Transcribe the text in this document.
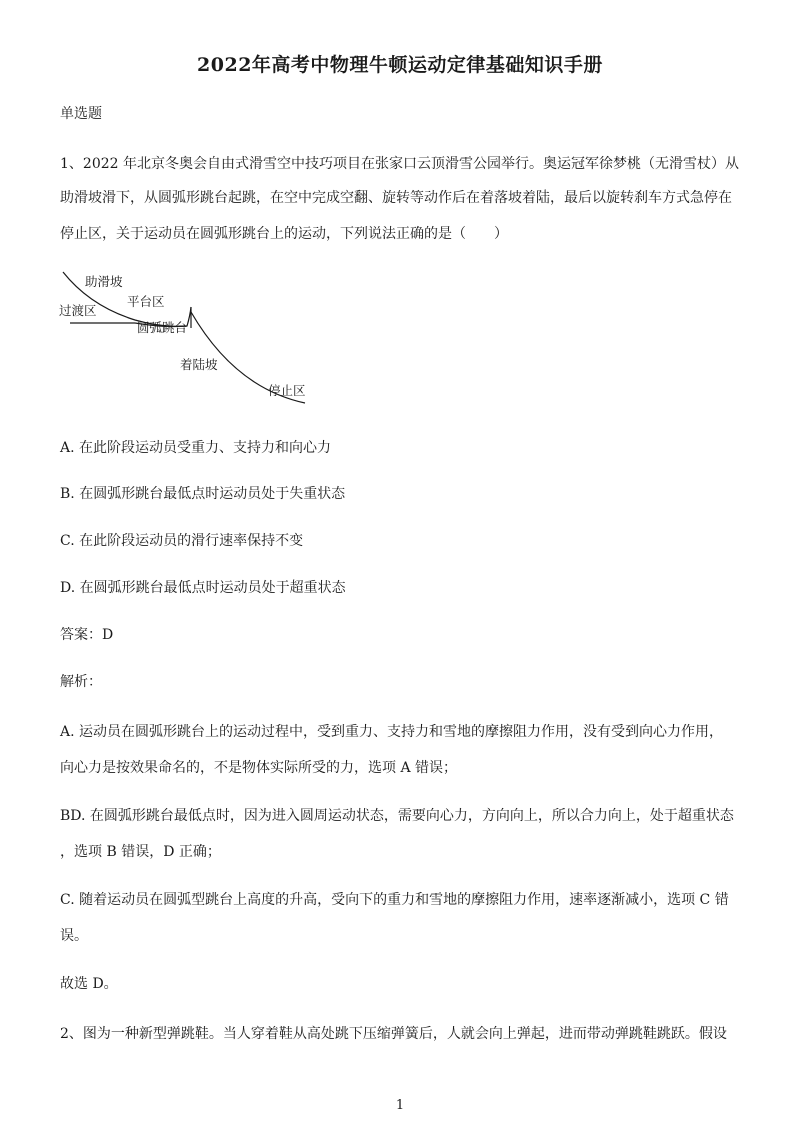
2022年高考中物理牛顿运动定律基础知识手册
单选题
1、2022 年北京冬奥会自由式滑雪空中技巧项目在张家口云顶滑雪公园举行。奥运冠军徐梦桃（无滑雪杖）从
助滑坡滑下，从圆弧形跳台起跳，在空中完成空翻、旋转等动作后在着落坡着陆，最后以旋转刹车方式急停在
停止区，关于运动员在圆弧形跳台上的运动，下列说法正确的是（　　）
助滑坡
平台区
过渡区
圆弧跳台
着陆坡
停止区
A. 在此阶段运动员受重力、支持力和向心力
B. 在圆弧形跳台最低点时运动员处于失重状态
C. 在此阶段运动员的滑行速率保持不变
D. 在圆弧形跳台最低点时运动员处于超重状态
答案：D
解析：
A. 运动员在圆弧形跳台上的运动过程中，受到重力、支持力和雪地的摩擦阻力作用，没有受到向心力作用，
向心力是按效果命名的，不是物体实际所受的力，选项 A 错误；
BD. 在圆弧形跳台最低点时，因为进入圆周运动状态，需要向心力，方向向上，所以合力向上，处于超重状态
，选项 B 错误，D 正确；
C. 随着运动员在圆弧型跳台上高度的升高，受向下的重力和雪地的摩擦阻力作用，速率逐渐减小，选项 C 错
误。
故选 D。
2、图为一种新型弹跳鞋。当人穿着鞋从高处跳下压缩弹簧后，人就会向上弹起，进而带动弹跳鞋跳跃。假设
1
